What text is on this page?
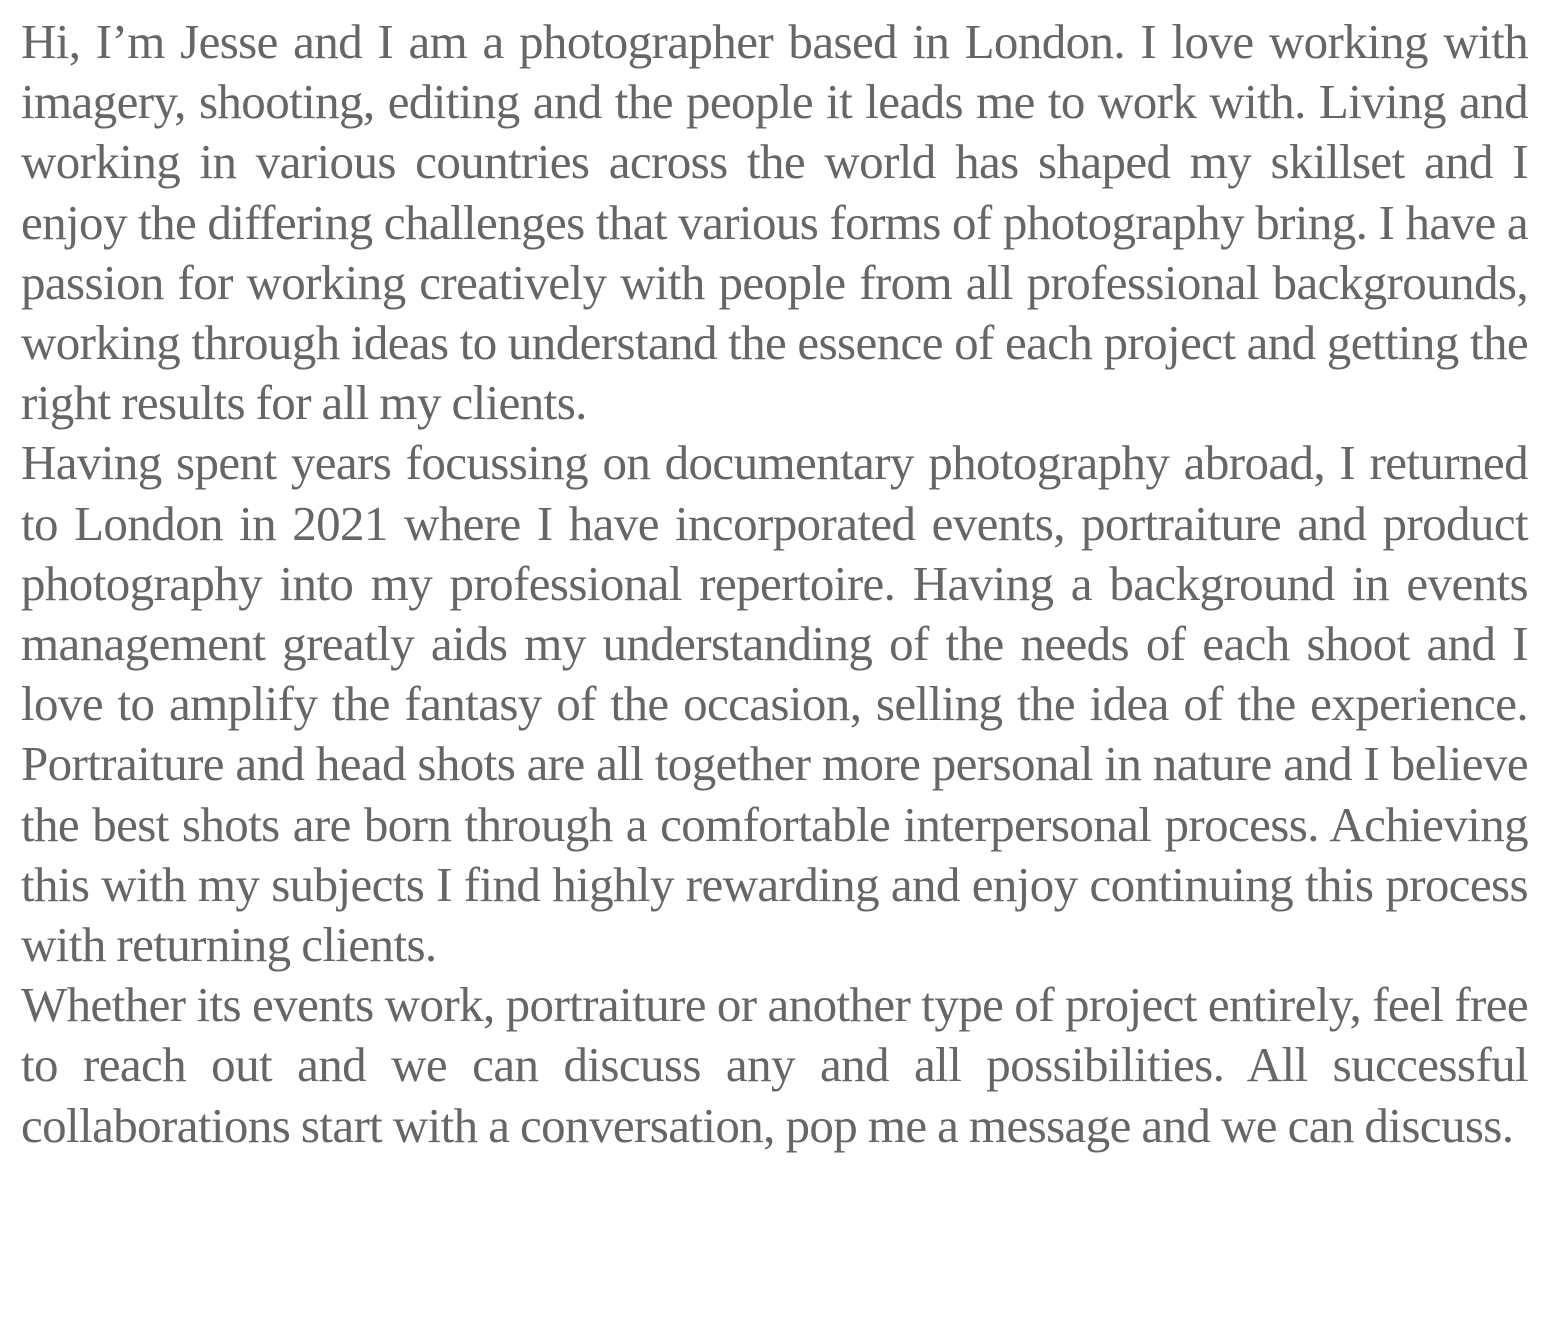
Hi, I’m Jesse and I am a photographer based in London. I love working with imagery, shooting, editing and the people it leads me to work with. Living and working in various countries across the world has shaped my skillset and I enjoy the differing challenges that various forms of photography bring. I have a passion for working creatively with people from all professional backgrounds, working through ideas to understand the essence of each project and getting the right results for all my clients.

Having spent years focussing on documentary photography abroad, I returned to London in 2021 where I have incorporated events, portraiture and product photography into my professional repertoire. Having a background in events management greatly aids my understanding of the needs of each shoot and I love to amplify the fantasy of the occasion, selling the idea of the experience. Portraiture and head shots are all together more personal in nature and I believe the best shots are born through a comfortable interpersonal process. Achieving this with my subjects I find highly rewarding and enjoy continuing this process with returning clients.

Whether its events work, portraiture or another type of project entirely, feel free to reach out and we can discuss any and all possibilities. All successful collaborations start with a conversation, pop me a message and we can discuss.
